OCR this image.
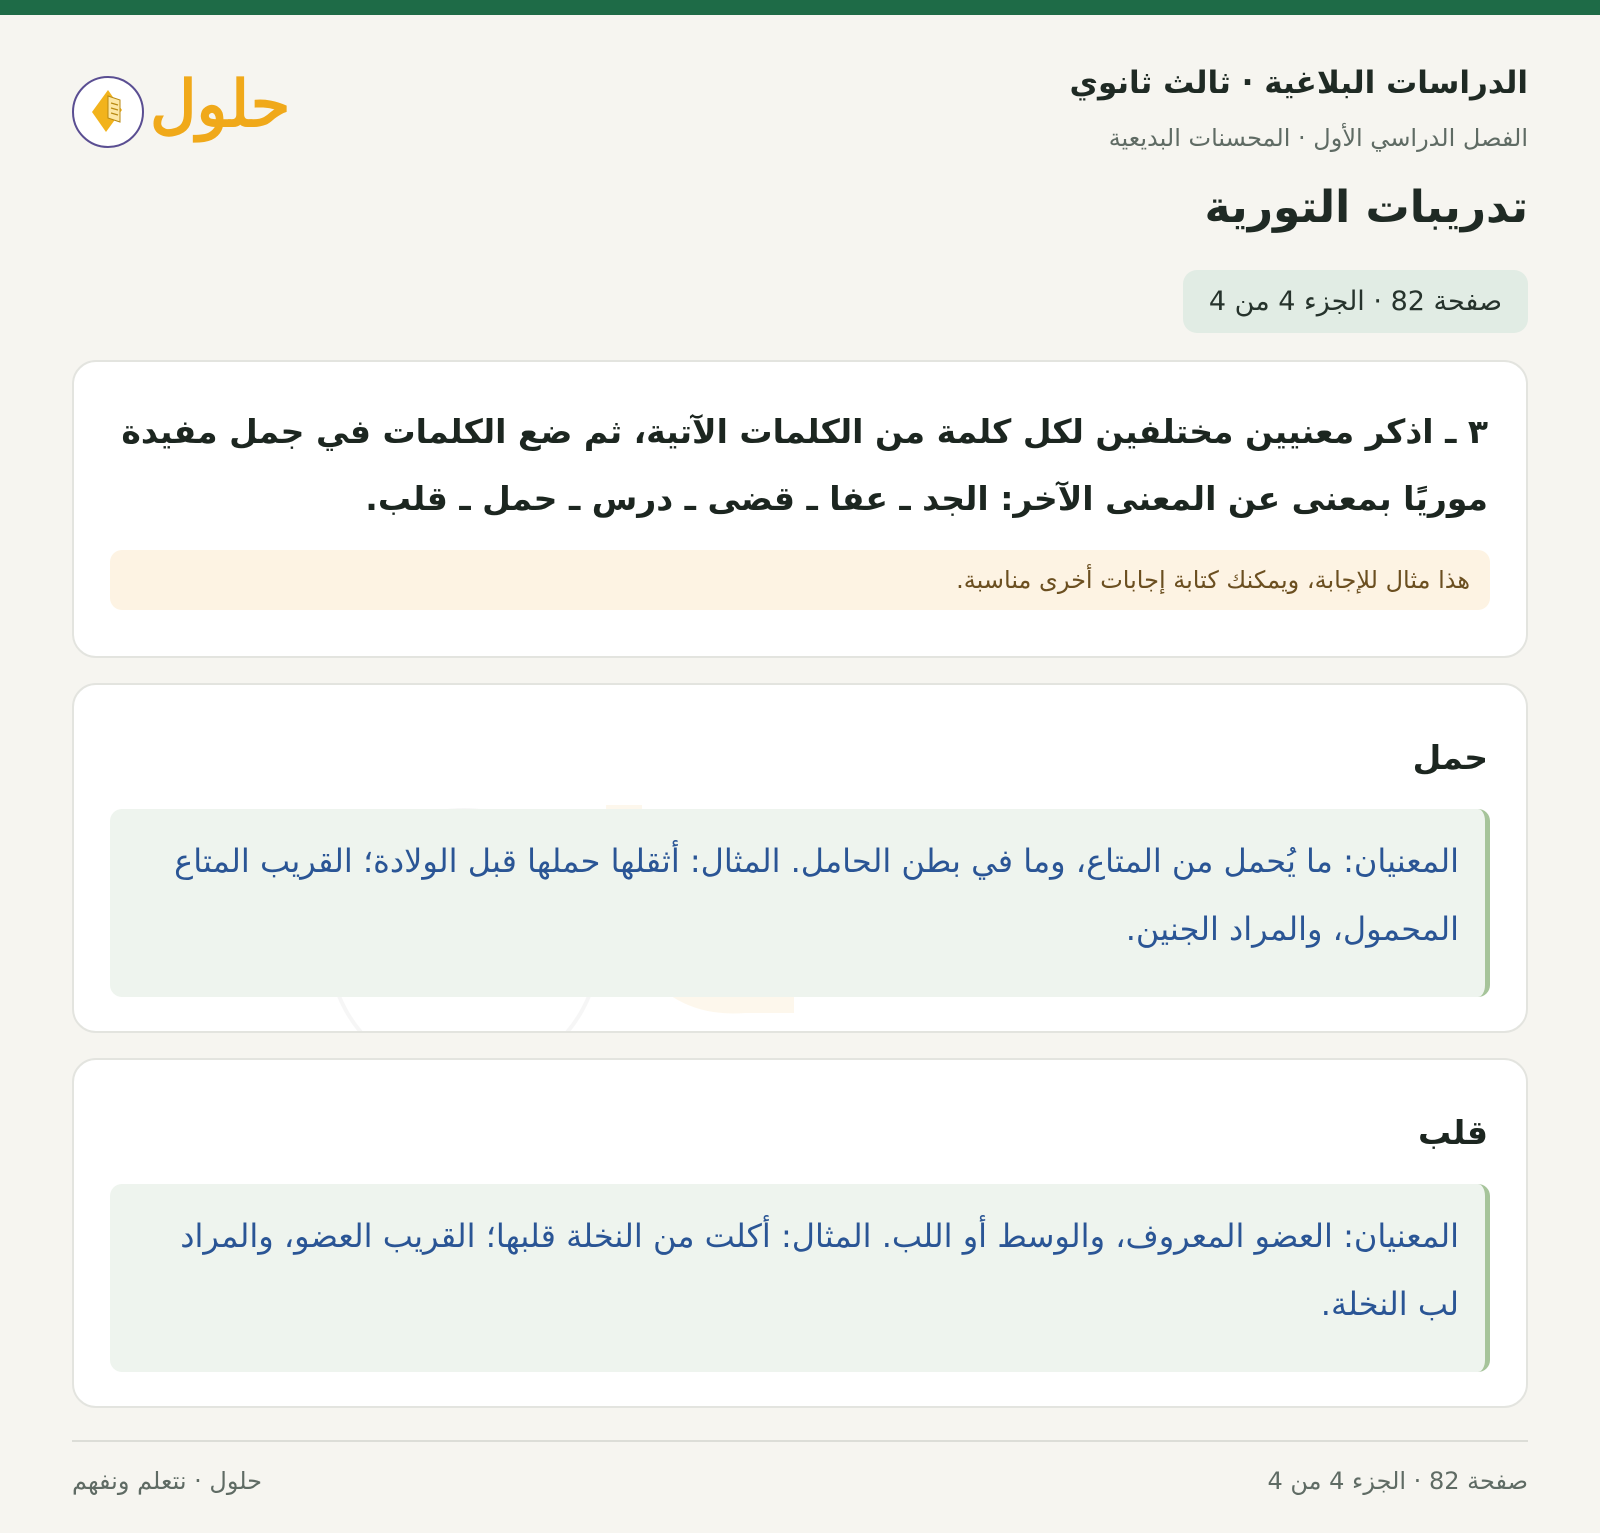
الدراسات البلاغية · ثالث ثانوي
الفصل الدراسي الأول · المحسنات البديعية
تدريبات التورية
صفحة 82 · الجزء 4 من 4
حلول
٣ ـ اذكر معنيين مختلفين لكل كلمة من الكلمات الآتية، ثم ضع الكلمات في جمل مفيدة موريًا بمعنى عن المعنى الآخر: الجد ـ عفا ـ قضى ـ درس ـ حمل ـ قلب.
هذا مثال للإجابة، ويمكنك كتابة إجابات أخرى مناسبة.
حمل
المعنيان: ما يُحمل من المتاع، وما في بطن الحامل. المثال: أثقلها حملها قبل الولادة؛ القريب المتاع المحمول، والمراد الجنين.
قلب
المعنيان: العضو المعروف، والوسط أو اللب. المثال: أكلت من النخلة قلبها؛ القريب العضو، والمراد لب النخلة.
صفحة 82 · الجزء 4 من 4
حلول · نتعلم ونفهم
